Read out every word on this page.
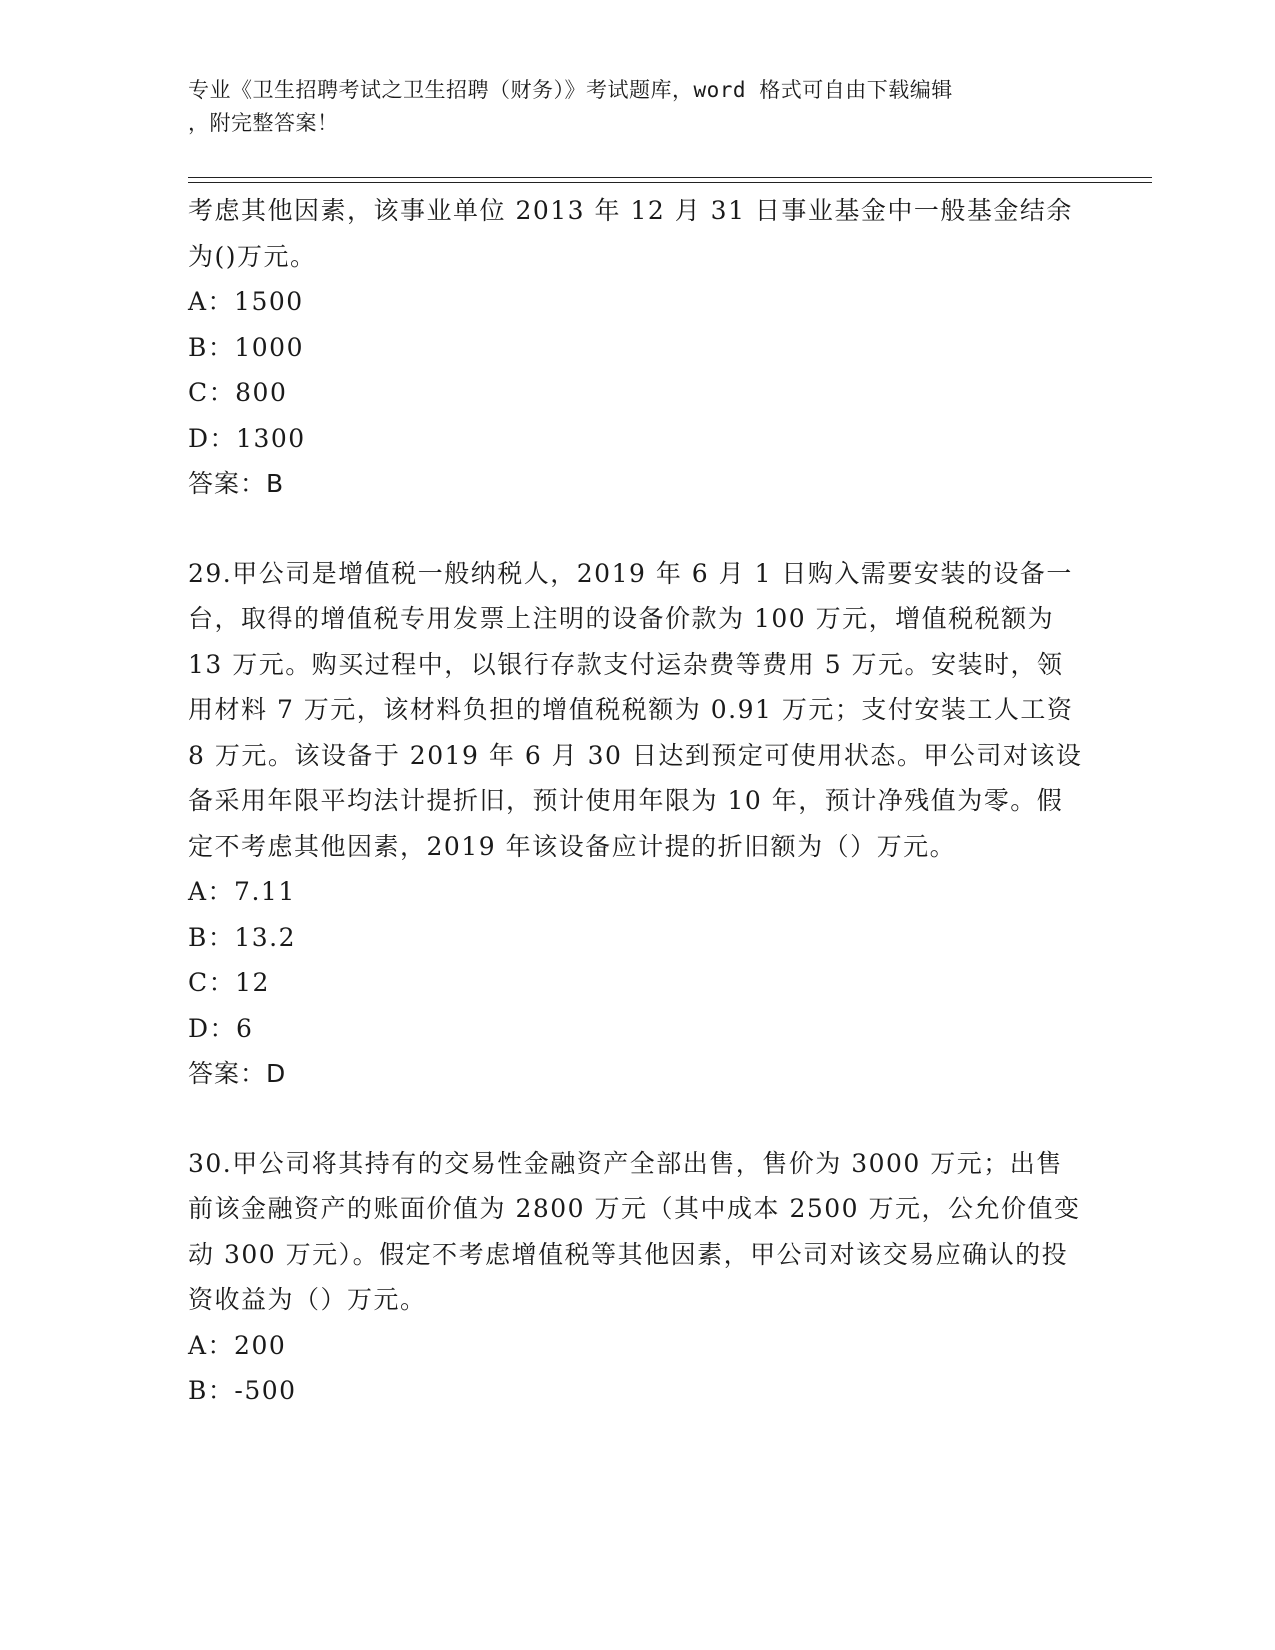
专业《卫生招聘考试之卫生招聘（财务）》考试题库，word 格式可自由下载编辑
，附完整答案！

考虑其他因素，该事业单位 2013 年 12 月 31 日事业基金中一般基金结余为()万元。

A：1500

B：1000

C：800

D：1300

答案：B

29.甲公司是增值税一般纳税人，2019 年 6 月 1 日购入需要安装的设备一台，取得的增值税专用发票上注明的设备价款为 100 万元，增值税税额为 13 万元。购买过程中，以银行存款支付运杂费等费用 5 万元。安装时，领用材料 7 万元，该材料负担的增值税税额为 0.91 万元；支付安装工人工资 8 万元。该设备于 2019 年 6 月 30 日达到预定可使用状态。甲公司对该设备采用年限平均法计提折旧，预计使用年限为 10 年，预计净残值为零。假定不考虑其他因素，2019 年该设备应计提的折旧额为（）万元。

A：7.11

B：13.2

C：12

D：6

答案：D

30.甲公司将其持有的交易性金融资产全部出售，售价为 3000 万元；出售前该金融资产的账面价值为 2800 万元（其中成本 2500 万元，公允价值变动 300 万元）。假定不考虑增值税等其他因素，甲公司对该交易应确认的投资收益为（）万元。

A：200

B：-500
